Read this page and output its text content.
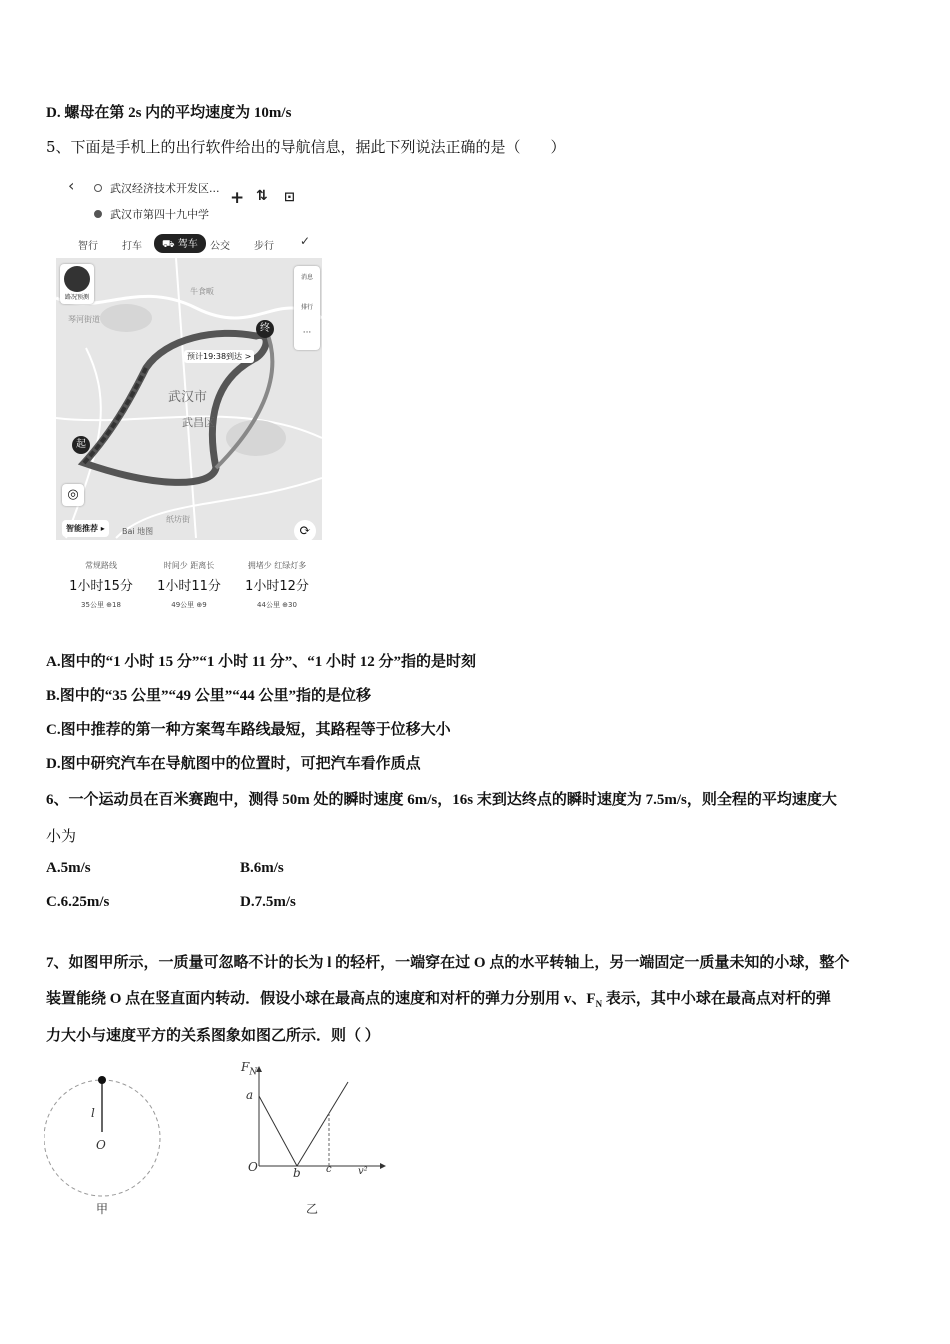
D. 螺母在第 2s 内的平均速度为 10m/s
5、下面是手机上的出行软件给出的导航信息，据此下列说法正确的是（　　）
‹	武汉经济技术开发区...
武汉市第四十九中学
+ ⇅ ⊡
智行 打车	⛟ 驾车	公交 步行 ✓
路况预测
消息
排行
···
预计19:38到达 >
终
起
武汉市
武昌区
牛食畈
琴河街道
纸坊街
◎
智能推荐 ▸	Bai 地图	⟳
常规路线
1小时15分
35公里 ⊕18
时间少 距离长
1小时11分
49公里 ⊕9
拥堵少 红绿灯多
1小时12分
44公里 ⊕30
A.图中的“1 小时 15 分”“1 小时 11 分”、“1 小时 12 分”指的是时刻
B.图中的“35 公里”“49 公里”“44 公里”指的是位移
C.图中推荐的第一种方案驾车路线最短，其路程等于位移大小
D.图中研究汽车在导航图中的位置时，可把汽车看作质点
6、一个运动员在百米赛跑中，测得 50m 处的瞬时速度 6m/s，16s 末到达终点的瞬时速度为 7.5m/s，则全程的平均速度大
小为
A.5m/s	B.6m/s
C.6.25m/s	D.7.5m/s
7、如图甲所示，一质量可忽略不计的长为 l 的轻杆，一端穿在过 O 点的水平转轴上，另一端固定一质量未知的小球，整个
装置能绕 O 点在竖直面内转动．假设小球在最高点的速度和对杆的弹力分别用 v、$F_N$ 表示，其中小球在最高点对杆的弹
力大小与速度平方的关系图象如图乙所示．则（ ）
l
O
甲
$F_N$
a
O	b	c	v²
乙
